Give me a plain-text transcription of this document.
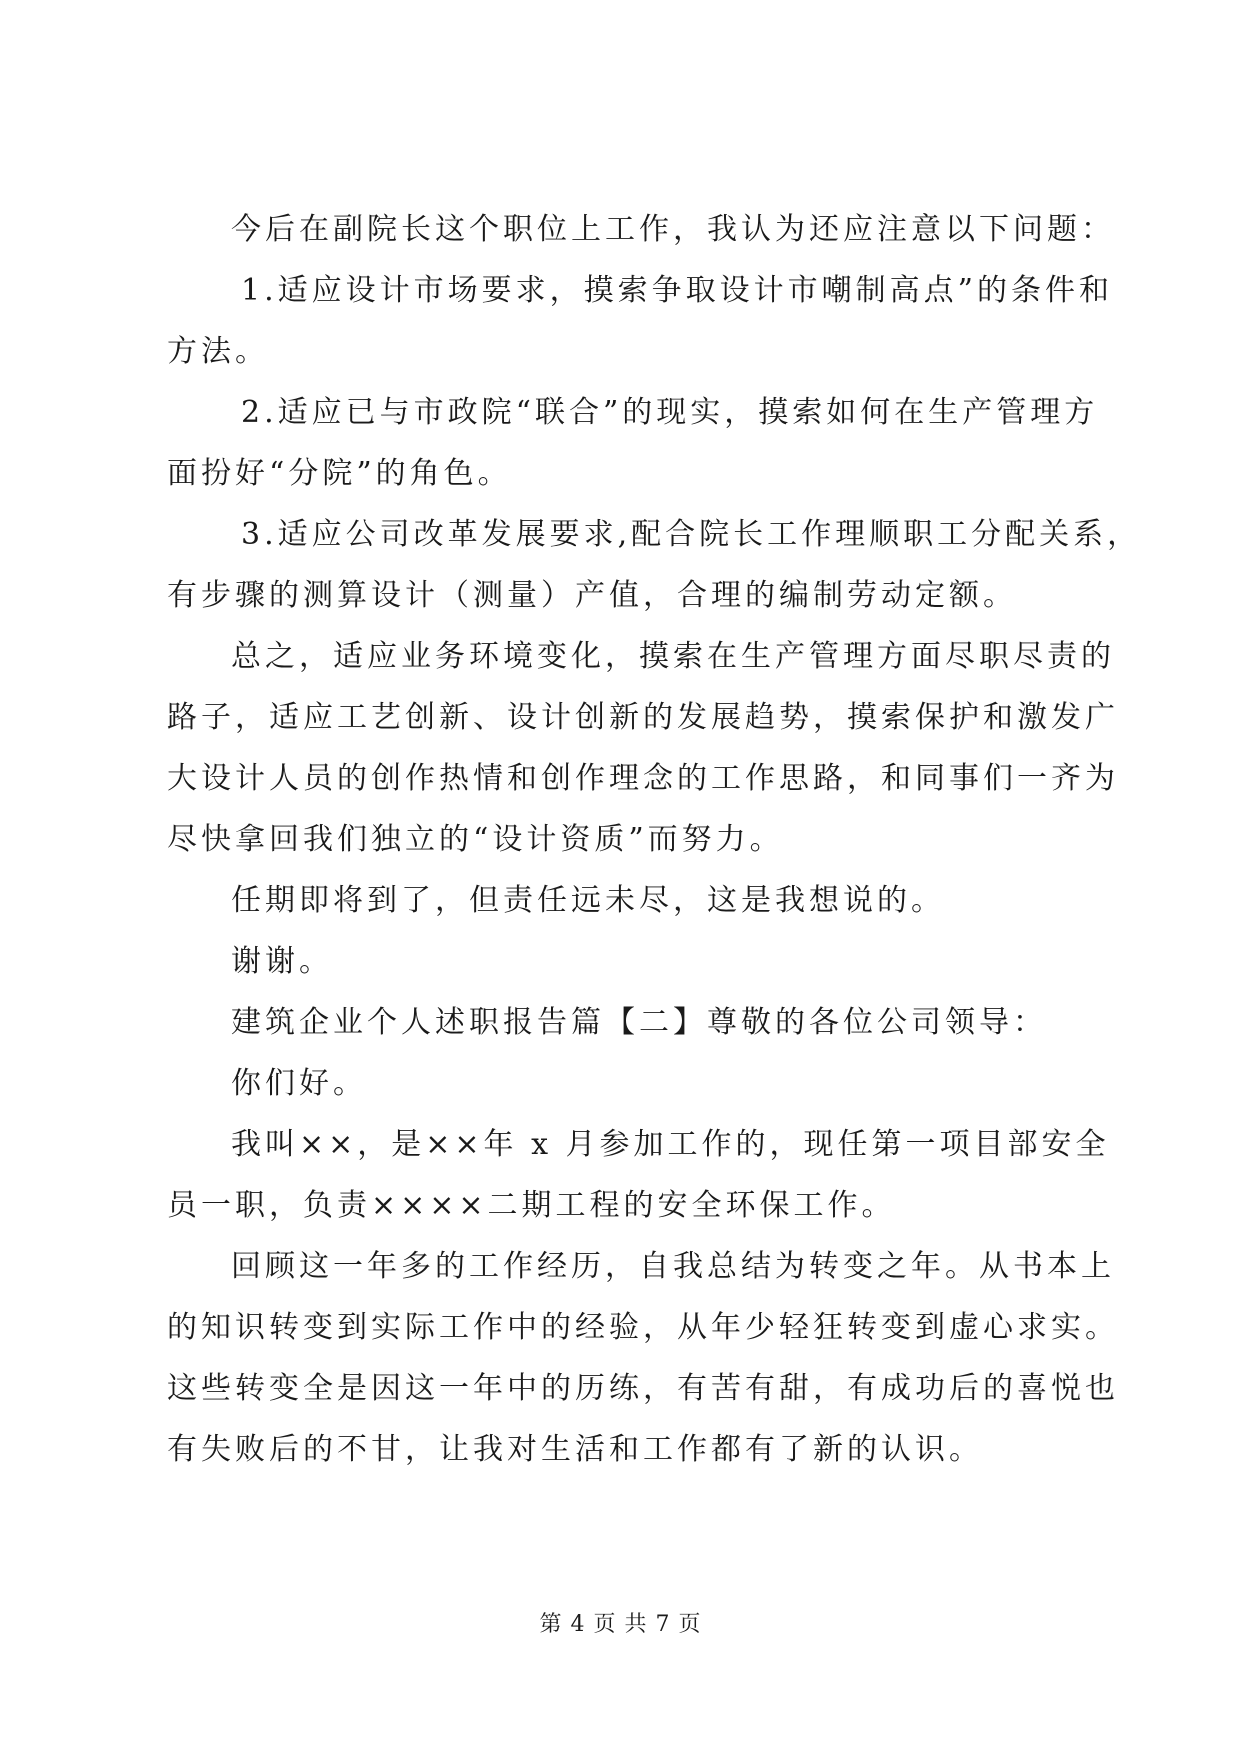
今后在副院长这个职位上工作，我认为还应注意以下问题：
1.适应设计市场要求，摸索争取设计市嘲制高点”的条件和
方法。
2.适应已与市政院“联合”的现实，摸索如何在生产管理方
面扮好“分院”的角色。
3.适应公司改革发展要求,配合院长工作理顺职工分配关系，
有步骤的测算设计（测量）产值，合理的编制劳动定额。
总之，适应业务环境变化，摸索在生产管理方面尽职尽责的
路子，适应工艺创新、设计创新的发展趋势，摸索保护和激发广
大设计人员的创作热情和创作理念的工作思路，和同事们一齐为
尽快拿回我们独立的“设计资质”而努力。
任期即将到了，但责任远未尽，这是我想说的。
谢谢。
建筑企业个人述职报告篇【二】尊敬的各位公司领导：
你们好。
我叫××，是××年 x 月参加工作的，现任第一项目部安全
员一职，负责××××二期工程的安全环保工作。
回顾这一年多的工作经历，自我总结为转变之年。从书本上
的知识转变到实际工作中的经验，从年少轻狂转变到虚心求实。
这些转变全是因这一年中的历练，有苦有甜，有成功后的喜悦也
有失败后的不甘，让我对生活和工作都有了新的认识。
第 4 页 共 7 页
